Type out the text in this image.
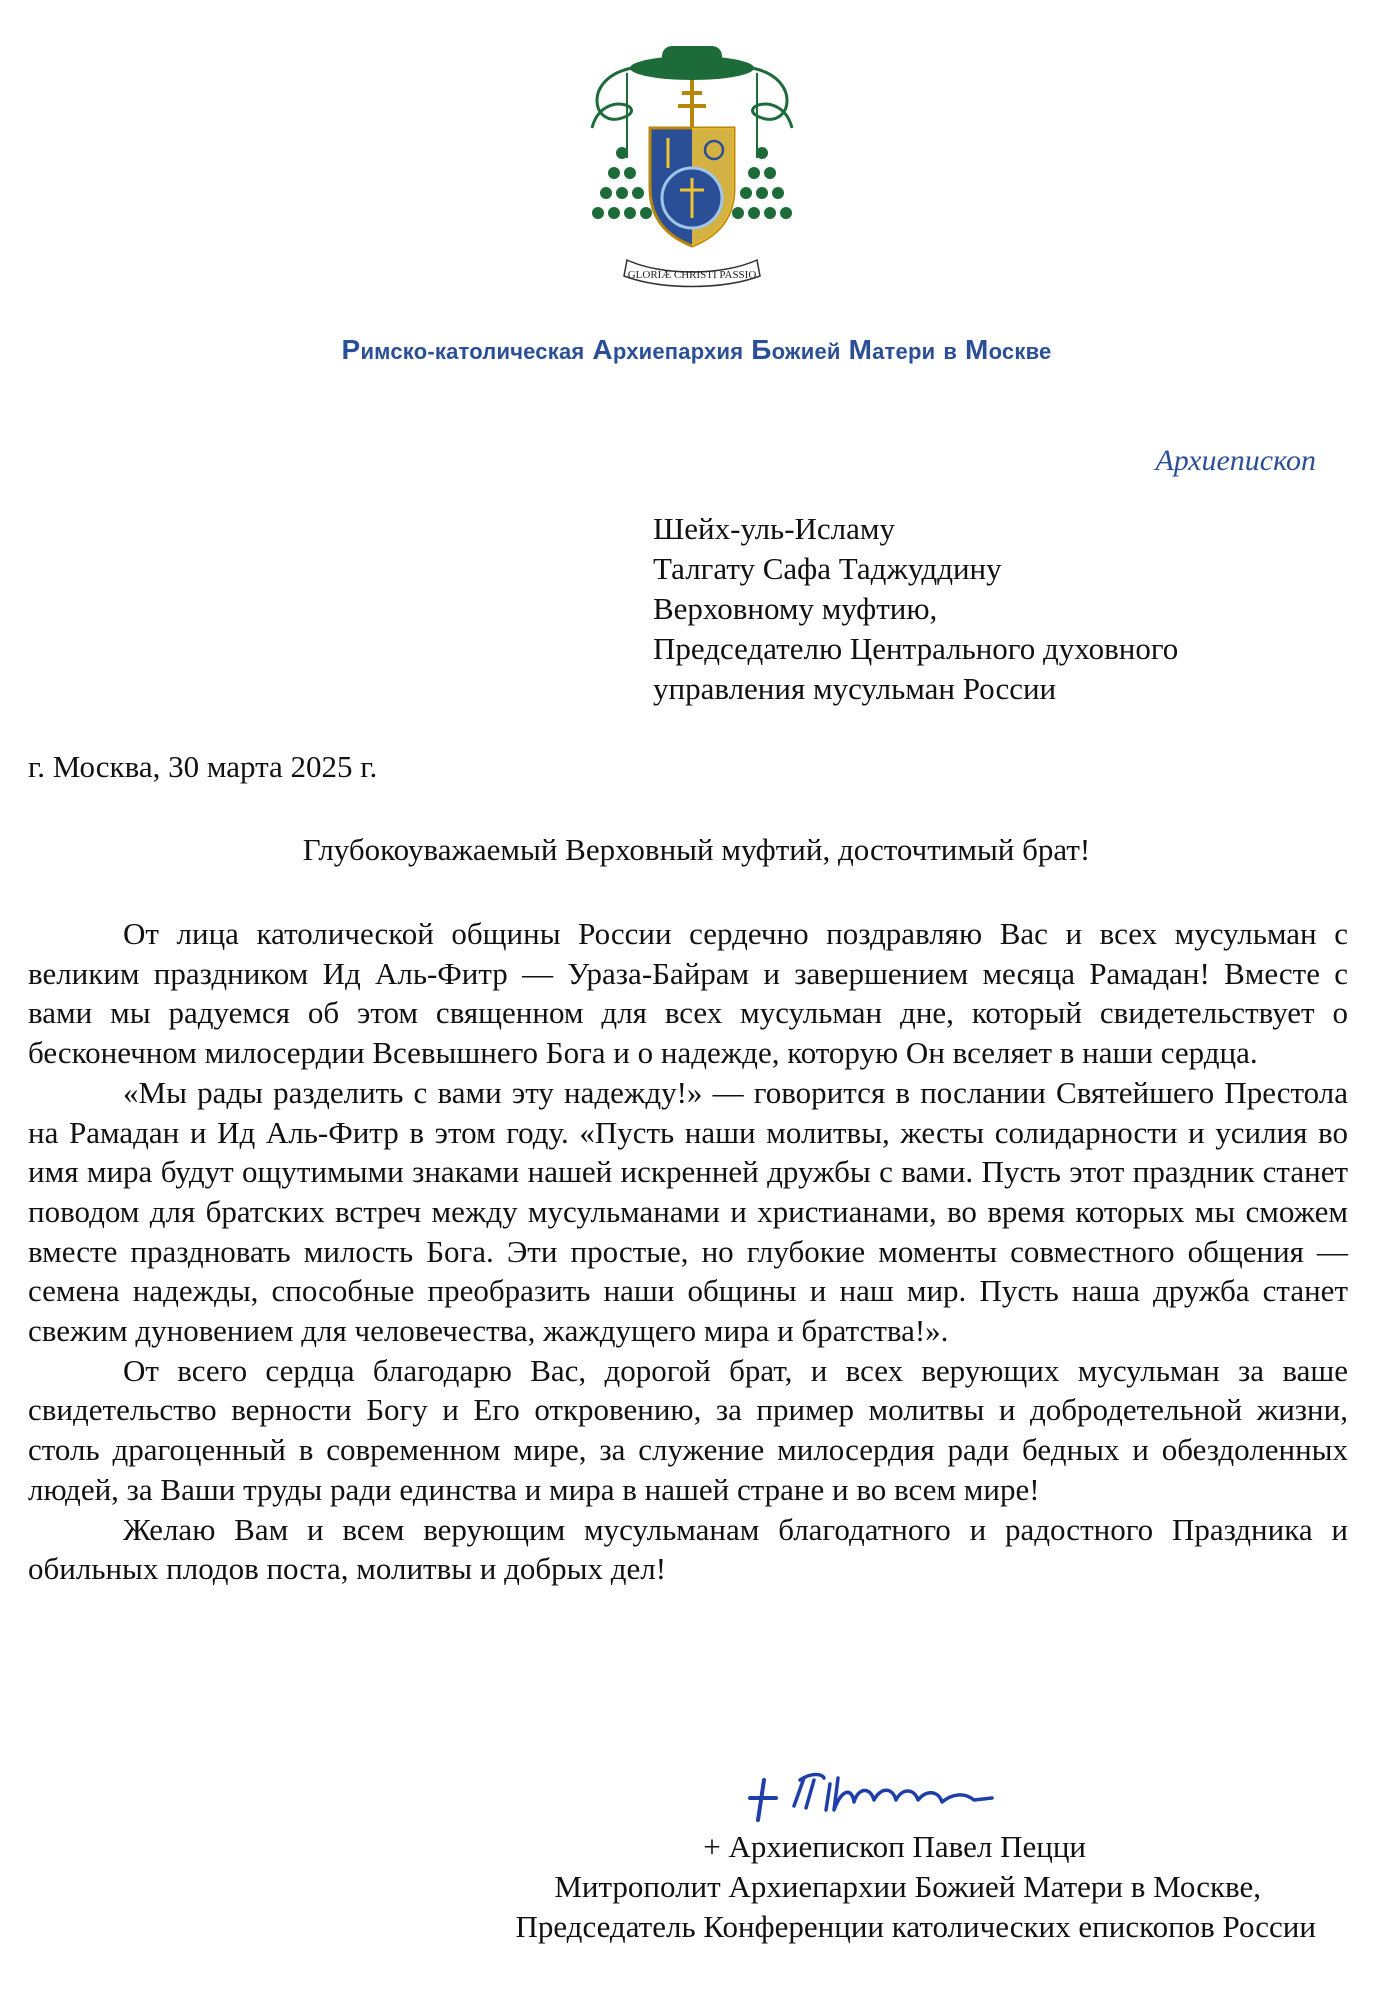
GLORIÆ CHRISTI PASSIO
Римско-католическая Архиепархия Божией Матери в Москве
Архиепископ
Шейх-уль-Исламу
Талгату Сафа Таджуддину
Верховному муфтию,
Председателю Центрального духовного
управления мусульман России
г. Москва, 30 марта 2025 г.
Глубокоуважаемый Верховный муфтий, досточтимый брат!

От лица католической общины России сердечно поздравляю Вас и всех мусульман с великим праздником Ид Аль-Фитр — Ураза-Байрам и завершением месяца Рамадан! Вместе с вами мы радуемся об этом священном для всех мусульман дне, который свидетельствует о бесконечном милосердии Всевышнего Бога и о надежде, которую Он вселяет в наши сердца.

«Мы рады разделить с вами эту надежду!» — говорится в послании Святейшего Престола на Рамадан и Ид Аль-Фитр в этом году. «Пусть наши молитвы, жесты солидарности и усилия во имя мира будут ощутимыми знаками нашей искренней дружбы с вами. Пусть этот праздник станет поводом для братских встреч между мусульманами и христианами, во время которых мы сможем вместе праздновать милость Бога. Эти простые, но глубокие моменты совместного общения — семена надежды, способные преобразить наши общины и наш мир. Пусть наша дружба станет свежим дуновением для человечества, жаждущего мира и братства!».

От всего сердца благодарю Вас, дорогой брат, и всех верующих мусульман за ваше свидетельство верности Богу и Его откровению, за пример молитвы и добродетельной жизни, столь драгоценный в современном мире, за служение милосердия ради бедных и обездоленных людей, за Ваши труды ради единства и мира в нашей стране и во всем мире!

Желаю Вам и всем верующим мусульманам благодатного и радостного Праздника и обильных плодов поста, молитвы и добрых дел!

+ Архиепископ Павел Пецци
Митрополит Архиепархии Божией Матери в Москве,
Председатель Конференции католических епископов России
